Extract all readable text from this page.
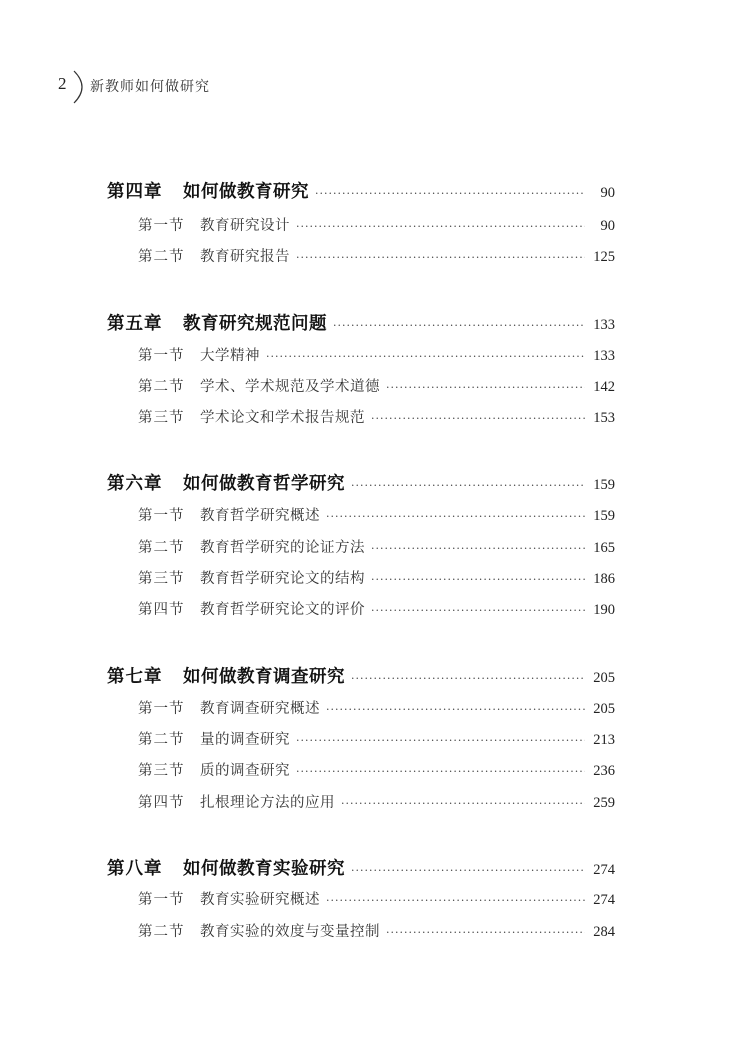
2 新教师如何做研究
第四章	如何做教育研究 ·····	90
第一节	教育研究设计 ·····	90
第二节	教育研究报告 ·····	125
第五章	教育研究规范问题 ·····	133
第一节	大学精神 ·····	133
第二节	学术、学术规范及学术道德 ·····	142
第三节	学术论文和学术报告规范 ·····	153
第六章	如何做教育哲学研究 ·····	159
第一节	教育哲学研究概述 ·····	159
第二节	教育哲学研究的论证方法 ·····	165
第三节	教育哲学研究论文的结构 ·····	186
第四节	教育哲学研究论文的评价 ·····	190
第七章	如何做教育调查研究 ·····	205
第一节	教育调查研究概述 ·····	205
第二节	量的调查研究 ·····	213
第三节	质的调查研究 ·····	236
第四节	扎根理论方法的应用 ·····	259
第八章	如何做教育实验研究 ·····	274
第一节	教育实验研究概述 ·····	274
第二节	教育实验的效度与变量控制 ·····	284
